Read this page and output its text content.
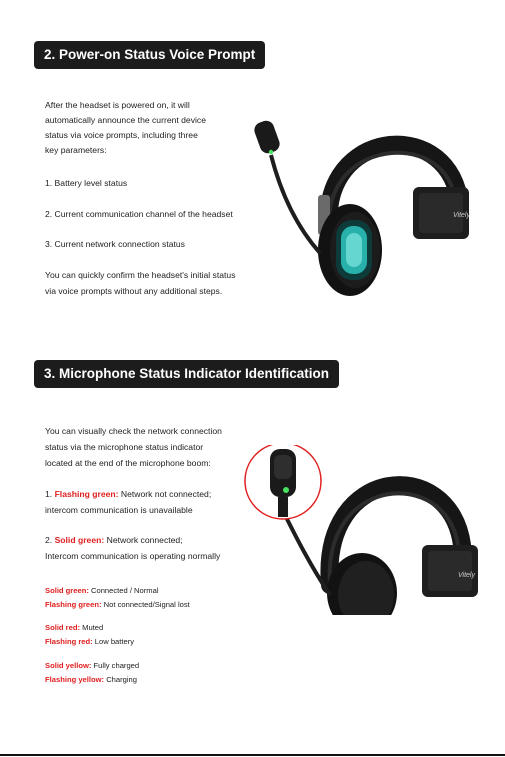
2. Power-on Status Voice Prompt
After the headset is powered on, it will
automatically announce the current device
status via voice prompts, including three
key parameters:
1. Battery level status
2. Current communication channel of the headset
3. Current network connection status
You can quickly confirm the headset's initial status
via voice prompts without any additional steps.
Vitely
3. Microphone Status Indicator Identification
You can visually check the network connection
status via the microphone status indicator
located at the end of the microphone boom:
1. Flashing green: Network not connected;
intercom communication is unavailable
2. Solid green: Network connected;
Intercom communication is operating normally
Solid green: Connected / Normal
Flashing green: Not connected/Signal lost
Solid red: Muted
Flashing red: Low battery
Solid yellow: Fully charged
Flashing yellow: Charging
Vitely
